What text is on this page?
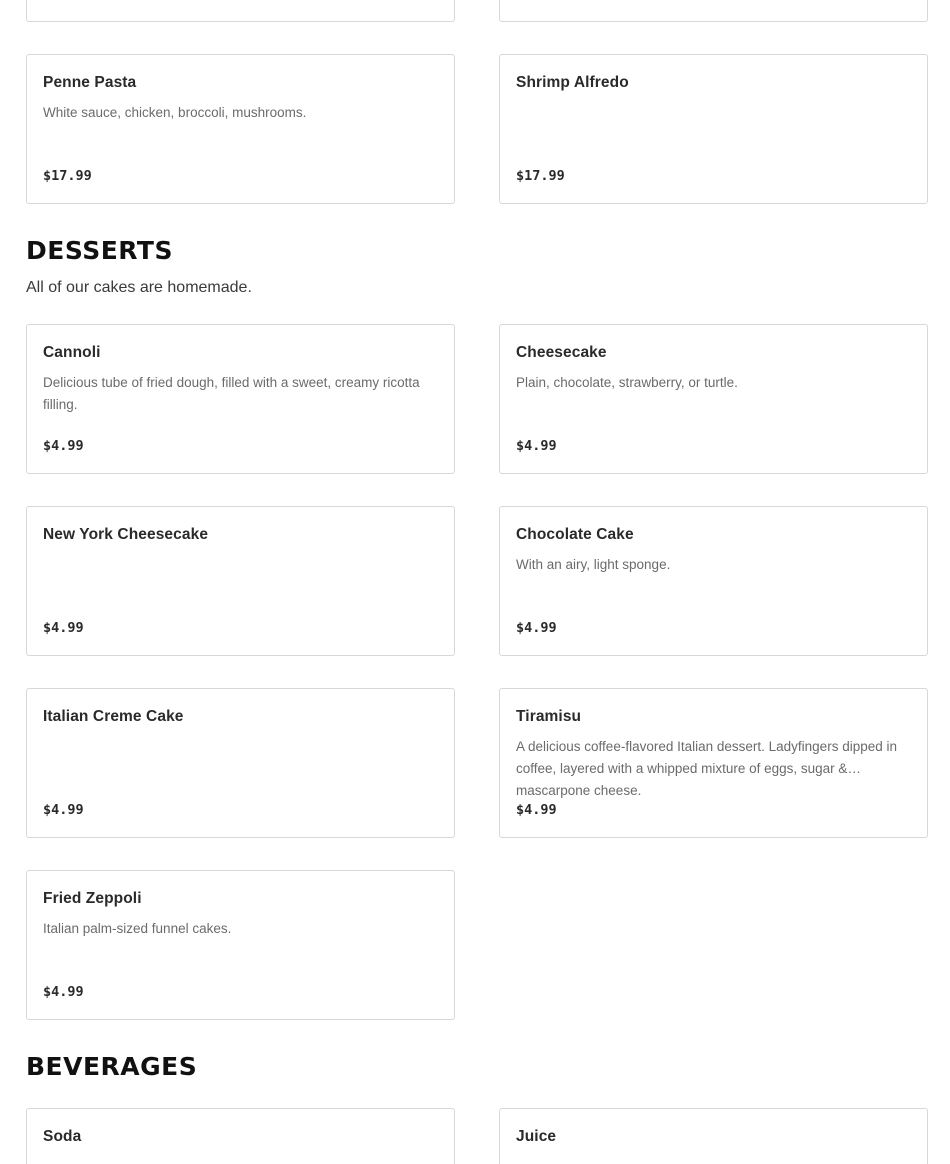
Penne Pasta
White sauce, chicken, broccoli, mushrooms.
$17.99
Shrimp Alfredo
$17.99
DESSERTS
All of our cakes are homemade.
Cannoli
Delicious tube of fried dough, filled with a sweet, creamy ricotta filling.
$4.99
Cheesecake
Plain, chocolate, strawberry, or turtle.
$4.99
New York Cheesecake
$4.99
Chocolate Cake
With an airy, light sponge.
$4.99
Italian Creme Cake
$4.99
Tiramisu
A delicious coffee-flavored Italian dessert. Ladyfingers dipped in coffee, layered with a whipped mixture of eggs, sugar & mascarpone cheese.
$4.99
Fried Zeppoli
Italian palm-sized funnel cakes.
$4.99
BEVERAGES
Soda	Juice
